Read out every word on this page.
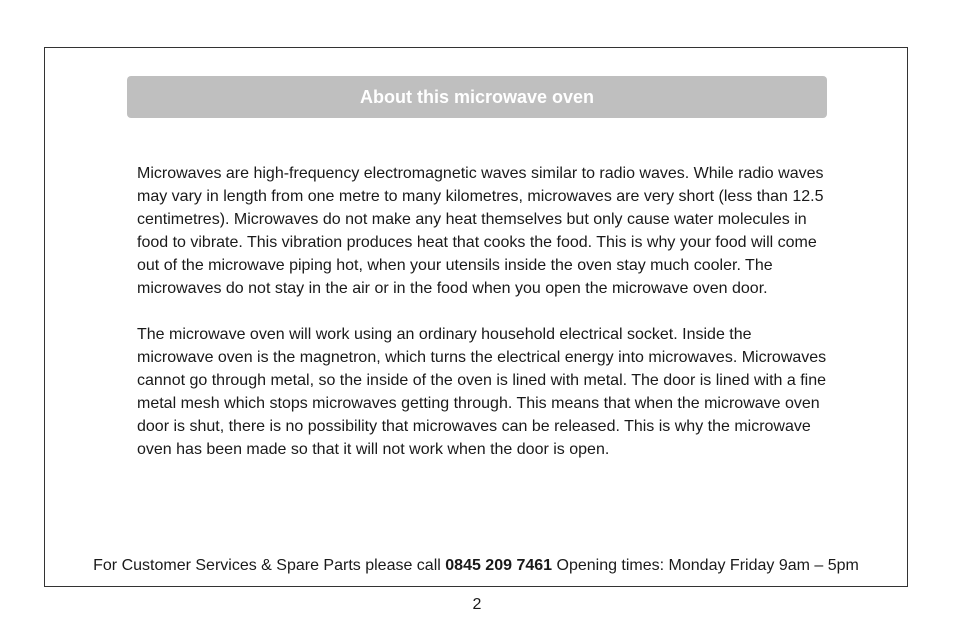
About this microwave oven

Microwaves are high-frequency electromagnetic waves similar to radio waves. While radio waves may vary in length from one metre to many kilometres, microwaves are very short (less than 12.5 centimetres). Microwaves do not make any heat themselves but only cause water molecules in food to vibrate. This vibration produces heat that cooks the food. This is why your food will come out of the microwave piping hot, when your utensils inside the oven stay much cooler. The microwaves do not stay in the air or in the food when you open the microwave oven door.

The microwave oven will work using an ordinary household electrical socket. Inside the microwave oven is the magnetron, which turns the electrical energy into microwaves. Microwaves cannot go through metal, so the inside of the oven is lined with metal. The door is lined with a fine metal mesh which stops microwaves getting through. This means that when the microwave oven door is shut, there is no possibility that microwaves can be released. This is why the microwave oven has been made so that it will not work when the door is open.

For Customer Services & Spare Parts please call 0845 209 7461 Opening times: Monday Friday 9am – 5pm
2
